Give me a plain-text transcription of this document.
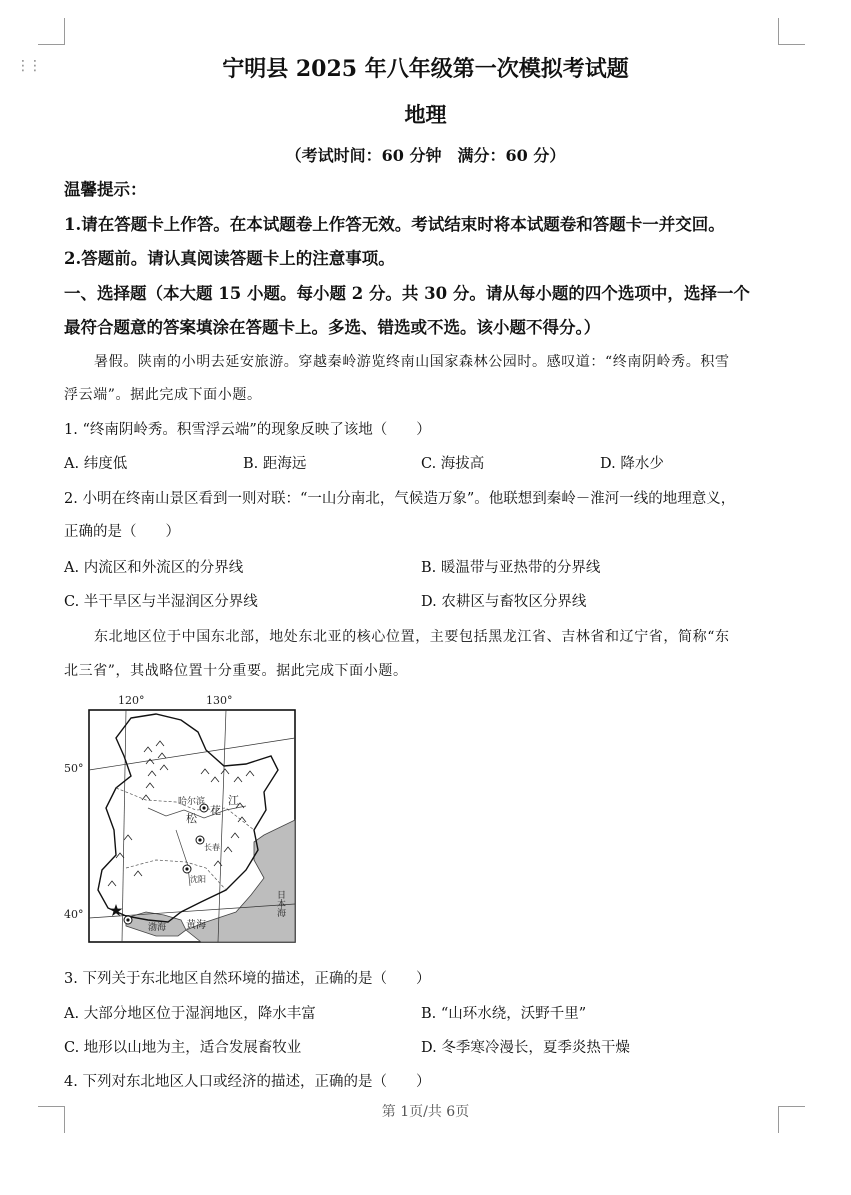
⋮⋮	宁明县 2025 年八年级第一次模拟考试题
地理
（考试时间：60 分钟　满分：60 分）
温馨提示：
1.请在答题卡上作答。在本试题卷上作答无效。考试结束时将本试题卷和答题卡一并交回。
2.答题前。请认真阅读答题卡上的注意事项。
一、选择题（本大题 15 小题。每小题 2 分。共 30 分。请从每小题的四个选项中，选择一个
最符合题意的答案填涂在答题卡上。多选、错选或不选。该小题不得分。）
暑假。陕南的小明去延安旅游。穿越秦岭游览终南山国家森林公园时。感叹道：“终南阴岭秀。积雪
浮云端”。据此完成下面小题。
1. “终南阴岭秀。积雪浮云端”的现象反映了该地（　　）
A. 纬度低	B. 距海远	C. 海拔高	D. 降水少
2. 小明在终南山景区看到一则对联：“一山分南北，气候造万象”。他联想到秦岭－淮河一线的地理意义，
正确的是（　　）
A. 内流区和外流区的分界线	B. 暖温带与亚热带的分界线
C. 半干旱区与半湿润区分界线	D. 农耕区与畜牧区分界线
东北地区位于中国东北部，地处东北亚的核心位置，主要包括黑龙江省、吉林省和辽宁省，简称“东
北三省”，其战略位置十分重要。据此完成下面小题。
120°	130°
50°
40°
哈尔滨
长春
沈阳
松
花
江
渤海 黄海
日本海
3. 下列关于东北地区自然环境的描述，正确的是（　　）
A. 大部分地区位于湿润地区，降水丰富	B. “山环水绕，沃野千里”
C. 地形以山地为主，适合发展畜牧业	D. 冬季寒冷漫长，夏季炎热干燥
4. 下列对东北地区人口或经济的描述，正确的是（　　）
第 1页/共 6页
